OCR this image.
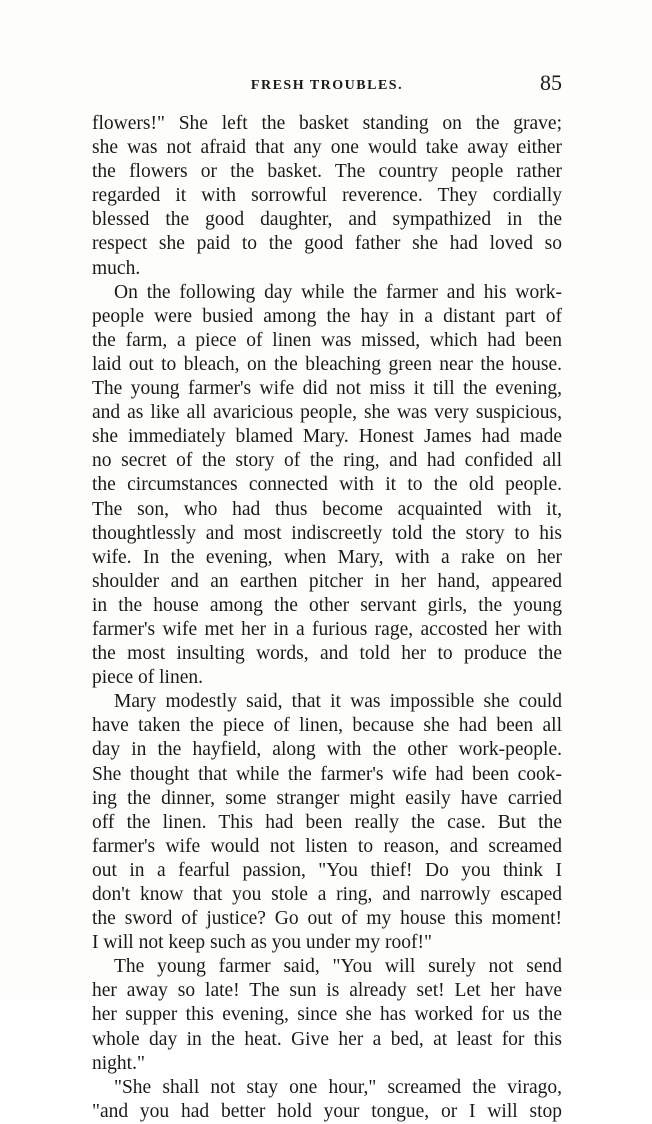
FRESH TROUBLES.	85
flowers!" She left the basket standing on the grave;
she was not afraid that any one would take away either
the flowers or the basket. The country people rather
regarded it with sorrowful reverence. They cordially
blessed the good daughter, and sympathized in the
respect she paid to the good father she had loved so
much.
On the following day while the farmer and his work-
people were busied among the hay in a distant part of
the farm, a piece of linen was missed, which had been
laid out to bleach, on the bleaching green near the house.
The young farmer's wife did not miss it till the evening,
and as like all avaricious people, she was very suspicious,
she immediately blamed Mary. Honest James had made
no secret of the story of the ring, and had confided all
the circumstances connected with it to the old people.
The son, who had thus become acquainted with it,
thoughtlessly and most indiscreetly told the story to his
wife. In the evening, when Mary, with a rake on her
shoulder and an earthen pitcher in her hand, appeared
in the house among the other servant girls, the young
farmer's wife met her in a furious rage, accosted her with
the most insulting words, and told her to produce the
piece of linen.
Mary modestly said, that it was impossible she could
have taken the piece of linen, because she had been all
day in the hayfield, along with the other work-people.
She thought that while the farmer's wife had been cook-
ing the dinner, some stranger might easily have carried
off the linen. This had been really the case. But the
farmer's wife would not listen to reason, and screamed
out in a fearful passion, "You thief! Do you think I
don't know that you stole a ring, and narrowly escaped
the sword of justice? Go out of my house this moment!
I will not keep such as you under my roof!"
The young farmer said, "You will surely not send
her away so late! The sun is already set! Let her have
her supper this evening, since she has worked for us the
whole day in the heat. Give her a bed, at least for this
night."
"She shall not stay one hour," screamed the virago,
"and you had better hold your tongue, or I will stop
